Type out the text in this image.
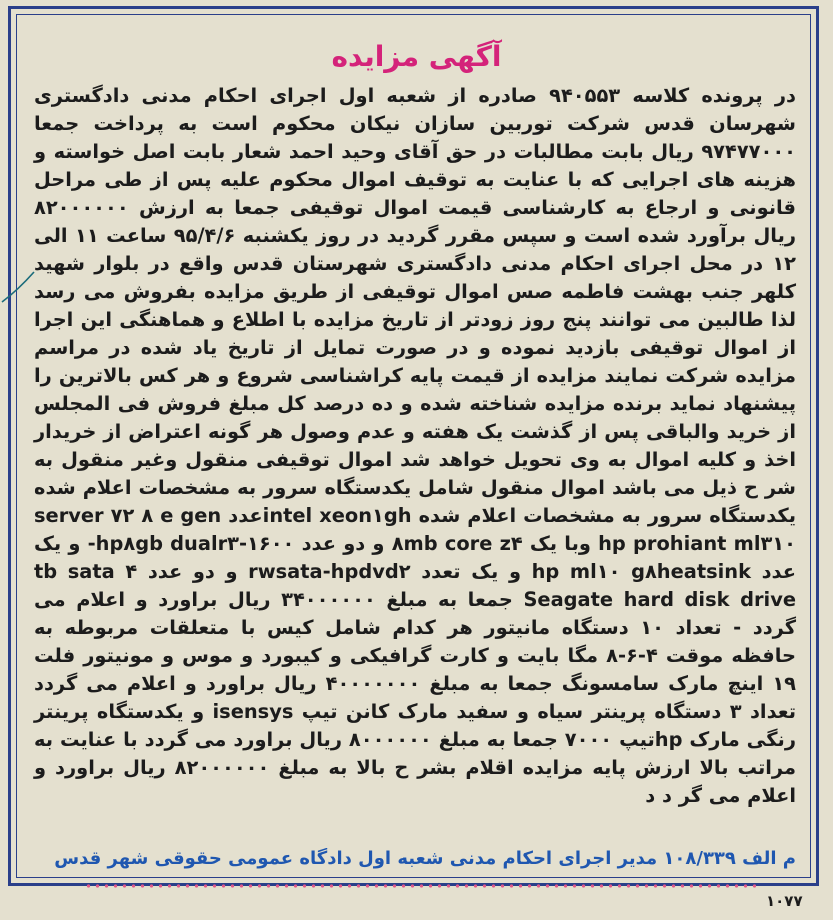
آگهی مزایده

در پرونده کلاسه ۹۴۰۵۵۳ صادره از شعبه اول اجرای احکام مدنی دادگستری شهرسان قدس شرکت توربین سازان نیکان محکوم است به پرداخت جمعا ۹۷۴۷۷۰۰۰ ریال بابت مطالبات در حق آقای وحید احمد شعار بابت اصل خواسته و هزینه های اجرایی که با عنایت به توقیف اموال محکوم علیه پس از طی مراحل قانونی و ارجاع به کارشناسی قیمت اموال توقیفی جمعا به ارزش ۸۲۰۰۰۰۰۰ ریال برآورد شده است و سپس مقرر گردید در روز یکشنبه ۹۵/۴/۶ ساعت ۱۱ الی ۱۲ در محل اجرای احکام مدنی دادگستری شهرستان قدس واقع در بلوار شهید کلهر جنب بهشت فاطمه صس اموال توقیفی از طریق مزایده بفروش می رسد لذا طالبین می توانند پنج روز زودتر از تاریخ مزایده با اطلاع و هماهنگی این اجرا از اموال توقیفی بازدید نموده و در صورت تمایل از تاریخ یاد شده در مراسم مزایده شرکت نمایند مزایده از قیمت پایه کراشناسی شروع و هر کس بالاترین را پیشنهاد نماید برنده مزایده شناخته شده و ده درصد کل مبلغ فروش فی المجلس از خرید والباقی پس از گذشت یک هفته و عدم وصول هر گونه اعتراض از خریدار اخذ و کلیه اموال به وی تحویل خواهد شد اموال توقیفی منقول وغیر منقول به شر ح ذیل می باشد اموال منقول شامل یکدستگاه سرور به مشخصات اعلام شده یکدستگاه سرور به مشخصات اعلام شده intel xeon۱ghعدد server ۷۲ ۸ e gen hp prohiant ml۳۱۰ وبا یک ۸mb core z۴ و دو عدد hp۸gb dualr۳-۱۶۰۰- و یک عدد hp ml۱۰ g۸heatsink و یک تعدد rwsata-hpdvd۲ و دو عدد tb sata ۴ Seagate hard disk drive جمعا به مبلغ ۳۴۰۰۰۰۰۰ ریال براورد و اعلام می گردد - تعداد ۱۰ دستگاه مانیتور هر کدام شامل کیس با متعلقات مربوطه به حافظه موقت ۴-۶-۸ مگا بایت و کارت گرافیکی و کیبورد و موس و مونیتور فلت ۱۹ اینچ مارک سامسونگ جمعا به مبلغ ۴۰۰۰۰۰۰۰ ریال براورد و اعلام می گردد تعداد ۳ دستگاه پرینتر سیاه و سفید مارک کانن تیپ isensys و یکدستگاه پرینتر رنگی مارک hpتیپ ۷۰۰۰ جمعا به مبلغ ۸۰۰۰۰۰۰ ریال براورد می گردد با عنایت به مراتب بالا ارزش پایه مزایده اقلام بشر ح بالا به مبلغ ۸۲۰۰۰۰۰۰ ریال براورد و اعلام می گر د د

م الف ۱۰۸/۳۳۹ مدیر اجرای احکام مدنی شعبه اول دادگاه عمومی حقوقی شهر قدس
۱۰۷۷
